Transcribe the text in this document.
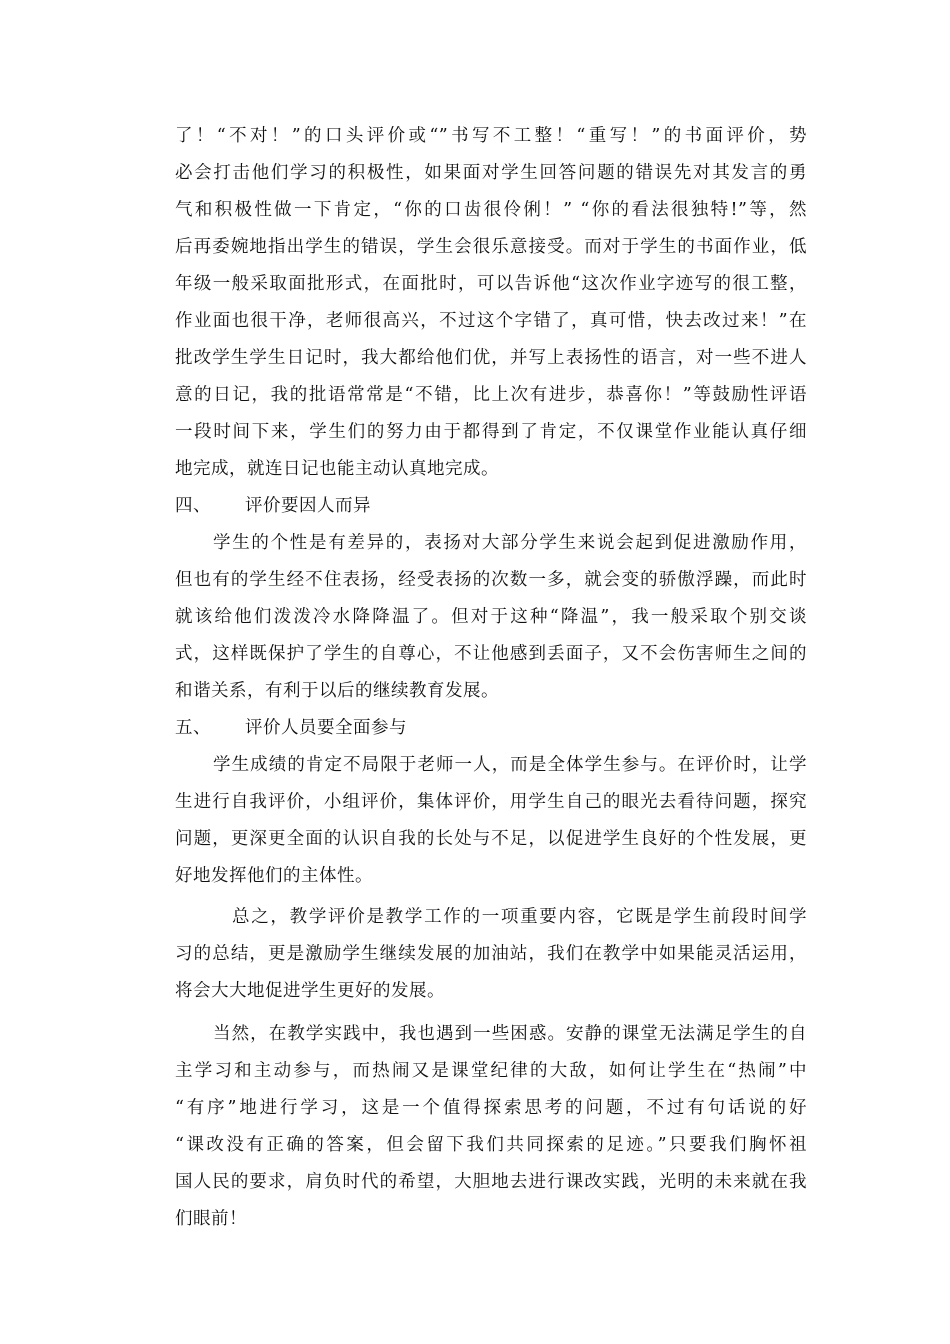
了！“不对！”的口头评价或“”书写不工整！“重写！”的书面评价，势
必会打击他们学习的积极性，如果面对学生回答问题的错误先对其发言的勇
气和积极性做一下肯定，“你的口齿很伶俐！” “你的看法很独特!”等，然
后再委婉地指出学生的错误，学生会很乐意接受。而对于学生的书面作业，低
年级一般采取面批形式，在面批时，可以告诉他“这次作业字迹写的很工整，
作业面也很干净，老师很高兴，不过这个字错了，真可惜，快去改过来！”在
批改学生学生日记时，我大都给他们优，并写上表扬性的语言，对一些不进人
意的日记，我的批语常常是“不错，比上次有进步，恭喜你！”等鼓励性评语
一段时间下来，学生们的努力由于都得到了肯定，不仅课堂作业能认真仔细
地完成，就连日记也能主动认真地完成。
四、 评价要因人而异
学生的个性是有差异的，表扬对大部分学生来说会起到促进激励作用，
但也有的学生经不住表扬，经受表扬的次数一多，就会变的骄傲浮躁，而此时
就该给他们泼泼冷水降降温了。但对于这种“降温”，我一般采取个别交谈
式，这样既保护了学生的自尊心，不让他感到丢面子，又不会伤害师生之间的
和谐关系，有利于以后的继续教育发展。
五、 评价人员要全面参与
学生成绩的肯定不局限于老师一人，而是全体学生参与。在评价时，让学
生进行自我评价，小组评价，集体评价，用学生自己的眼光去看待问题，探究
问题，更深更全面的认识自我的长处与不足，以促进学生良好的个性发展，更
好地发挥他们的主体性。
总之，教学评价是教学工作的一项重要内容，它既是学生前段时间学
习的总结，更是激励学生继续发展的加油站，我们在教学中如果能灵活运用，
将会大大地促进学生更好的发展。
当然，在教学实践中，我也遇到一些困惑。安静的课堂无法满足学生的自
主学习和主动参与，而热闹又是课堂纪律的大敌，如何让学生在“热闹”中
“有序”地进行学习，这是一个值得探索思考的问题，不过有句话说的好
“课改没有正确的答案，但会留下我们共同探索的足迹。”只要我们胸怀祖
国人民的要求，肩负时代的希望，大胆地去进行课改实践，光明的未来就在我
们眼前！
